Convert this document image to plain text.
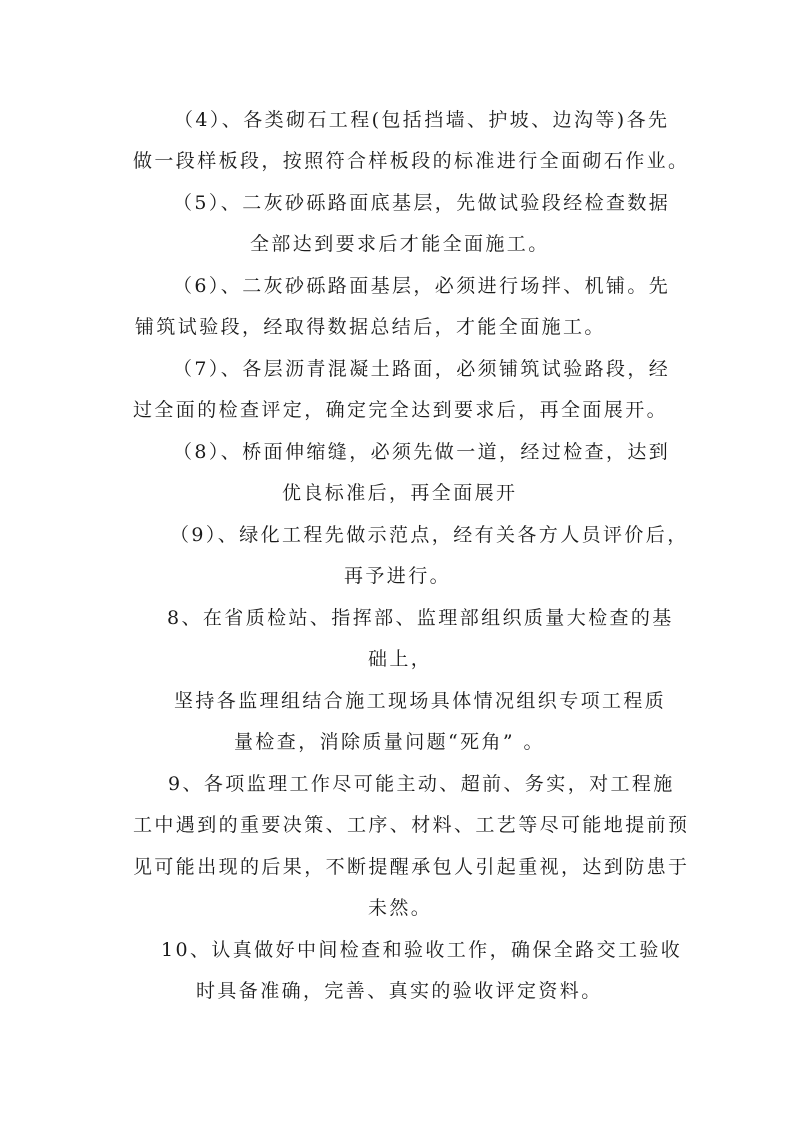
（4）、各类砌石工程(包括挡墙、护坡、边沟等)各先
做一段样板段，按照符合样板段的标准进行全面砌石作业。
（5）、二灰砂砾路面底基层，先做试验段经检查数据
全部达到要求后才能全面施工。
（6）、二灰砂砾路面基层，必须进行场拌、机铺。先
铺筑试验段，经取得数据总结后，才能全面施工。
（7）、各层沥青混凝土路面，必须铺筑试验路段，经
过全面的检查评定，确定完全达到要求后，再全面展开。
（8）、桥面伸缩缝，必须先做一道，经过检查，达到
优良标准后，再全面展开
（9）、绿化工程先做示范点，经有关各方人员评价后，
再予进行。
8、在省质检站、指挥部、监理部组织质量大检查的基
础上，
坚持各监理组结合施工现场具体情况组织专项工程质
量检查，消除质量问题“死角” 。
9、各项监理工作尽可能主动、超前、务实，对工程施
工中遇到的重要决策、工序、材料、工艺等尽可能地提前预
见可能出现的后果，不断提醒承包人引起重视，达到防患于
未然。
10、认真做好中间检查和验收工作，确保全路交工验收
时具备准确，完善、真实的验收评定资料。
